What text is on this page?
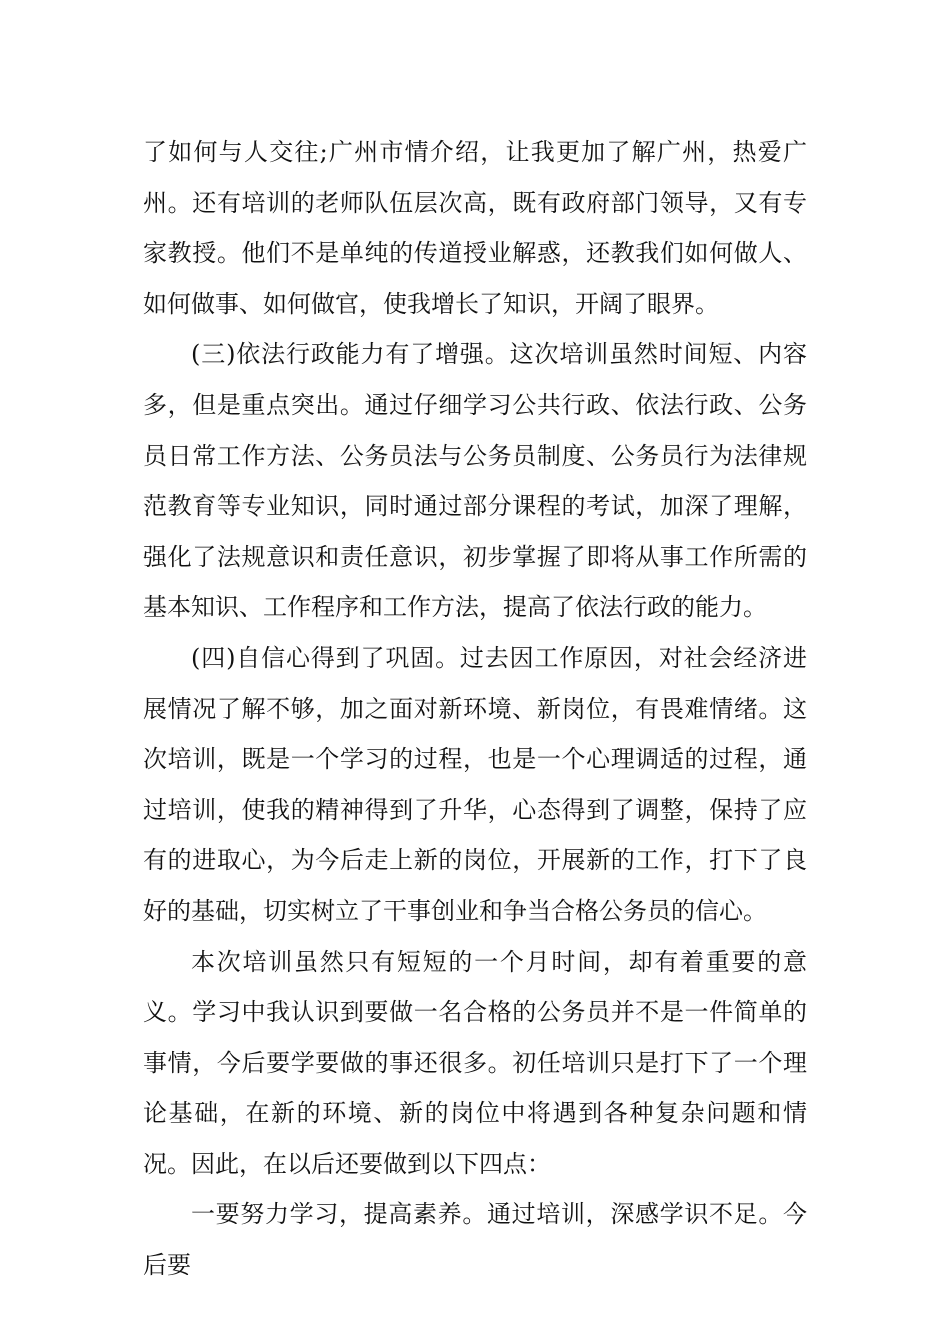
了如何与人交往;广州市情介绍，让我更加了解广州，热爱广州。还有培训的老师队伍层次高，既有政府部门领导，又有专家教授。他们不是单纯的传道授业解惑，还教我们如何做人、如何做事、如何做官，使我增长了知识，开阔了眼界。

(三)依法行政能力有了增强。这次培训虽然时间短、内容多，但是重点突出。通过仔细学习公共行政、依法行政、公务员日常工作方法、公务员法与公务员制度、公务员行为法律规范教育等专业知识，同时通过部分课程的考试，加深了理解，强化了法规意识和责任意识，初步掌握了即将从事工作所需的基本知识、工作程序和工作方法，提高了依法行政的能力。

(四)自信心得到了巩固。过去因工作原因，对社会经济进展情况了解不够，加之面对新环境、新岗位，有畏难情绪。这次培训，既是一个学习的过程，也是一个心理调适的过程，通过培训，使我的精神得到了升华，心态得到了调整，保持了应有的进取心，为今后走上新的岗位，开展新的工作，打下了良好的基础，切实树立了干事创业和争当合格公务员的信心。

本次培训虽然只有短短的一个月时间，却有着重要的意义。学习中我认识到要做一名合格的公务员并不是一件简单的事情，今后要学要做的事还很多。初任培训只是打下了一个理论基础，在新的环境、新的岗位中将遇到各种复杂问题和情况。因此，在以后还要做到以下四点：

一要努力学习，提高素养。通过培训，深感学识不足。今后要
